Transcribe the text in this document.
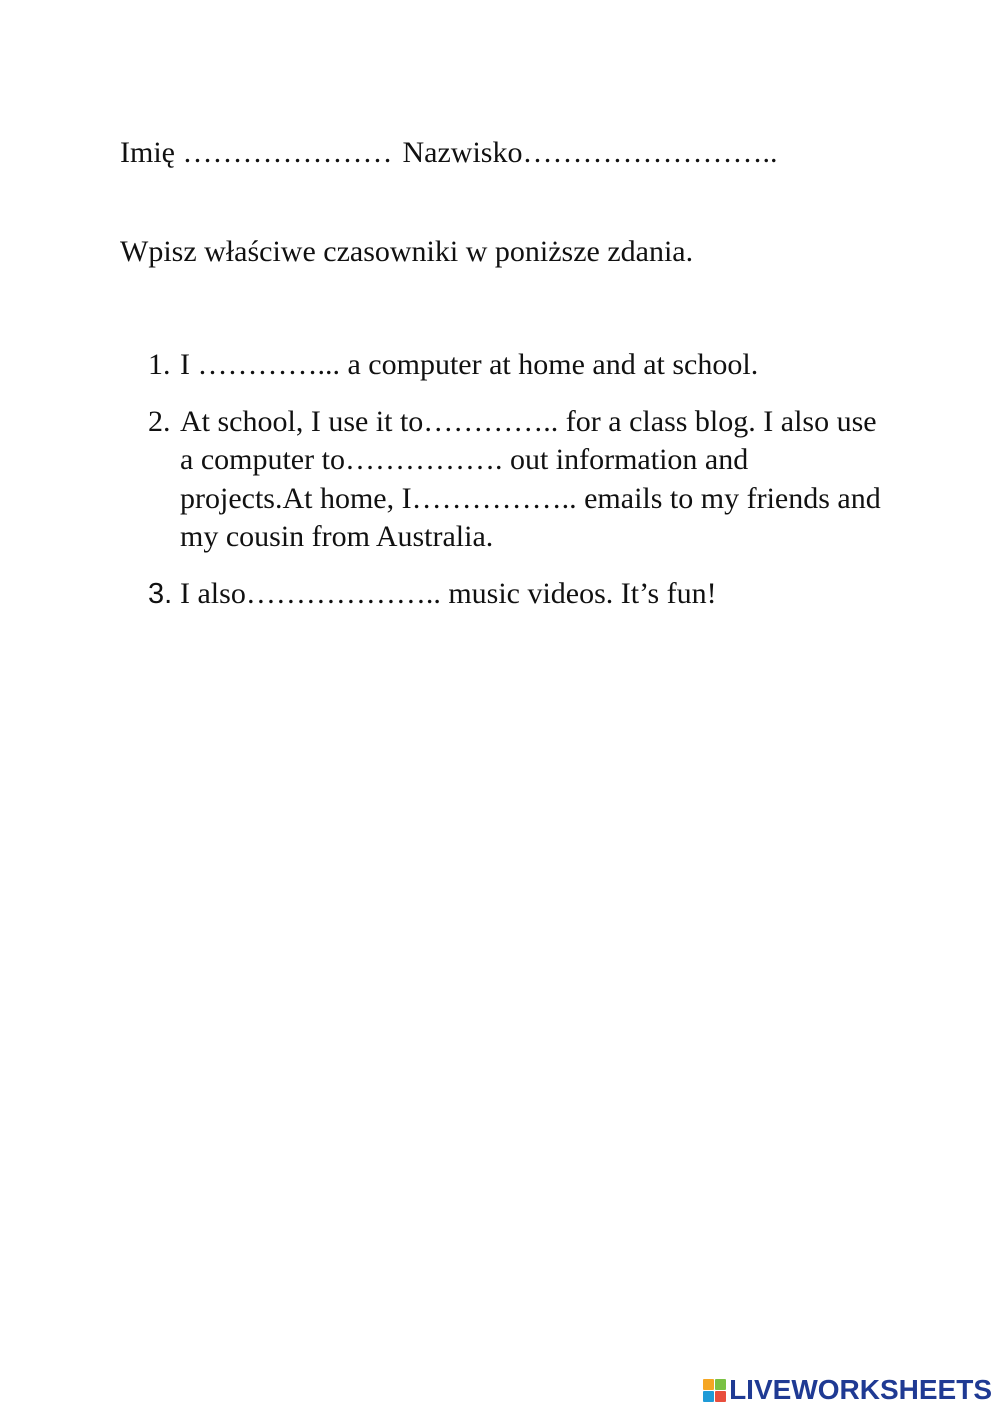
Imię ………………… Nazwisko……………………..
Wpisz właściwe czasowniki w poniższe zdania.
1. I …………... a computer at home and at school.
2. At school, I use it to………….. for a class blog. I also use a computer to……………. out information and projects.At home, I…………….. emails to my friends and my cousin from Australia.
3. I also……………….. music videos. It’s fun!
LIVEWORKSHEETS
